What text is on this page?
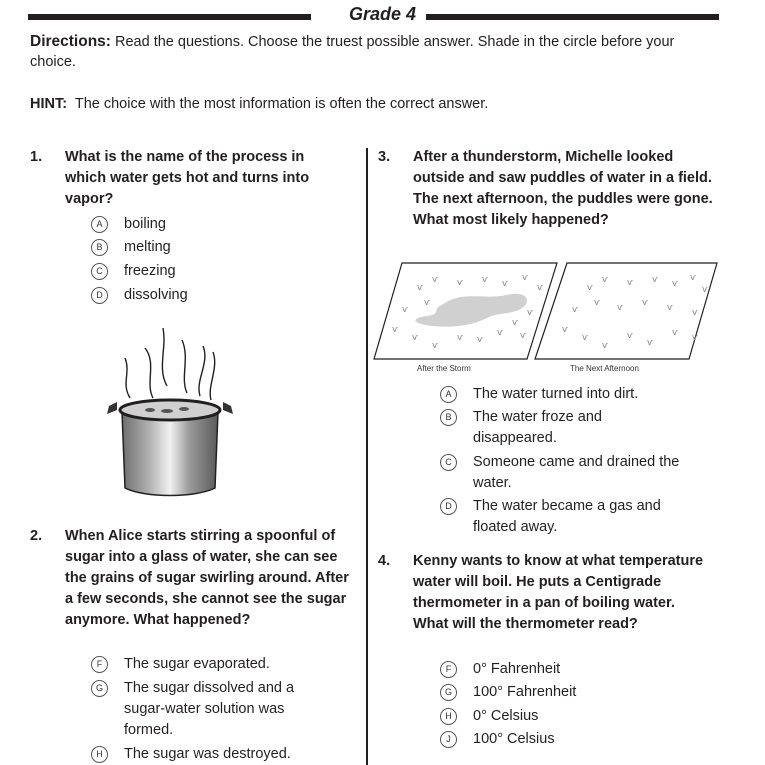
Grade 4
Directions: Read the questions. Choose the truest possible answer. Shade in the circle before your choice.
HINT:  The choice with the most information is often the correct answer.
1. What is the name of the process in which water gets hot and turns into vapor?
A	boiling
B	melting
C	freezing
D	dissolving
2. When Alice starts stirring a spoonful of sugar into a glass of water, she can see the grains of sugar swirling around. After a few seconds, she cannot see the sugar anymore. What happened?
F	The sugar evaporated.
G	The sugar dissolved and a sugar-water solution was formed.
H	The sugar was destroyed.
3. After a thunderstorm, Michelle looked outside and saw puddles of water in a field. The next afternoon, the puddles were gone. What most likely happened?
ѵ
ѵ ѵ ѵ ѵ
ѵ
ѵ
ѵ
ѵ
ѵ
ѵ
ѵ
ѵ
ѵ
ѵ ѵ
ѵ
ѵ
ѵ
ѵ ѵ ѵ ѵ
ѵ
ѵ
ѵ
ѵ ѵ ѵ ѵ ѵ
ѵ
ѵ
ѵ
ѵ
ѵ ѵ
ѵ
After the Storm	The Next Afternoon
A	The water turned into dirt.
B	The water froze and disappeared.
C	Someone came and drained the water.
D	The water became a gas and floated away.
4. Kenny wants to know at what temperature water will boil. He puts a Centigrade thermometer in a pan of boiling water. What will the thermometer read?
F	0° Fahrenheit
G	100° Fahrenheit
H	0° Celsius
J	100° Celsius
